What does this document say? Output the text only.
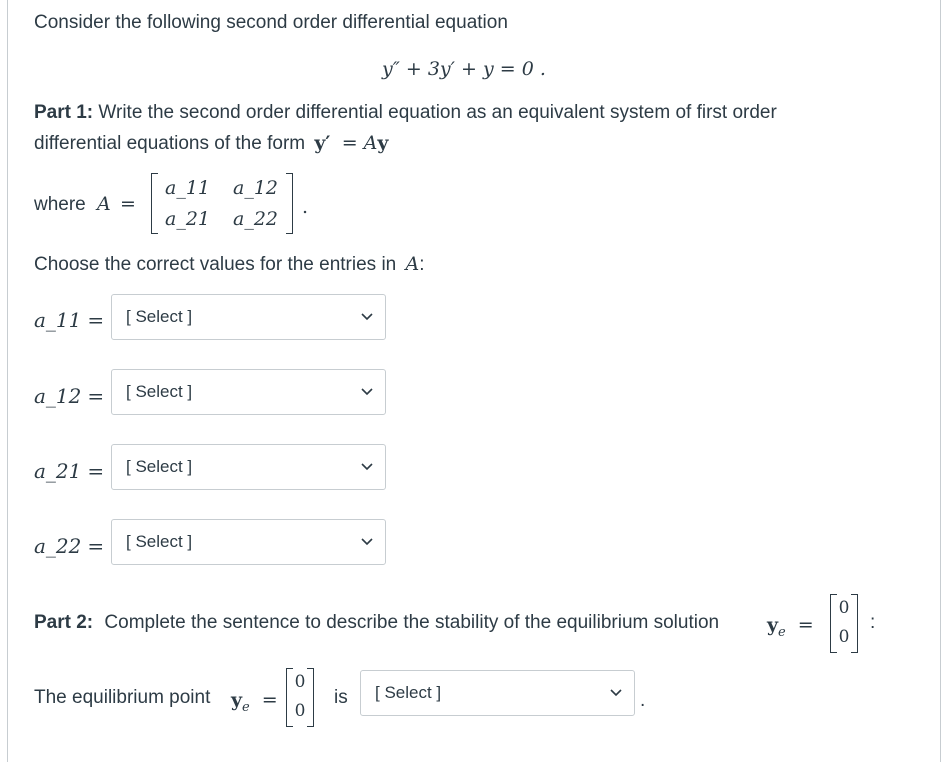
Consider the following second order differential equation
y″ + 3y′ + y = 0 .
Part 1: Write the second order differential equation as an equivalent system of first order
differential equations of the form y′ = Ay
where A =
a_11 a_12
a_21 a_22
.
Choose the correct values for the entries in A:
a_11 =	[ Select ]
a_12 =	[ Select ]
a_21 =	[ Select ]
a_22 =	[ Select ]
Part 2: Complete the sentence to describe the stability of the equilibrium solution	$y_e$ =
0
0
:
The equilibrium point $y_e$ =
0
0
is	[ Select ]	.
